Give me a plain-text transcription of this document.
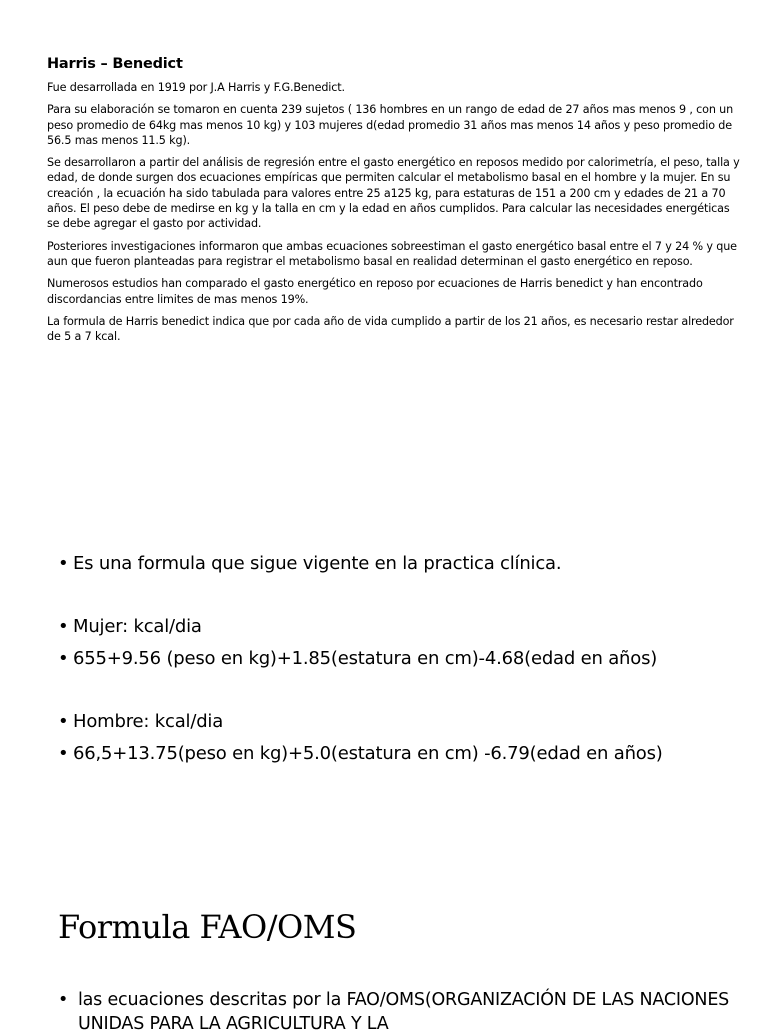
Harris – Benedict

Fue desarrollada en 1919 por J.A Harris y F.G.Benedict.

Para su elaboración se tomaron en cuenta 239 sujetos ( 136 hombres en un rango de edad de 27 años mas menos 9 , con un peso promedio de 64kg mas menos 10 kg) y 103 mujeres d(edad promedio 31 años mas menos 14 años y peso promedio de 56.5 mas menos 11.5 kg).

Se desarrollaron a partir del análisis de regresión entre el gasto energético en reposos medido por calorimetría, el peso, talla y edad, de donde surgen dos ecuaciones empíricas que permiten calcular el metabolismo basal en el hombre y la mujer. En su creación , la ecuación ha sido tabulada para valores entre 25 a125 kg, para estaturas de 151 a 200 cm y edades de 21 a 70 años. El peso debe de medirse en kg y la talla en cm y la edad en años cumplidos. Para calcular las necesidades energéticas se debe agregar el gasto por actividad.

Posteriores investigaciones informaron que ambas ecuaciones sobreestiman el gasto energético basal entre el 7 y 24 % y que aun que fueron planteadas para registrar el metabolismo basal en realidad determinan el gasto energético en reposo.

Numerosos estudios han comparado el gasto energético en reposo por ecuaciones de Harris benedict y han encontrado discordancias entre limites de mas menos 19%.

La formula de Harris benedict indica que por cada año de vida cumplido a partir de los 21 años, es necesario restar alrededor de 5 a 7 kcal.

• Es una formula que sigue vigente en la practica clínica.
• Mujer: kcal/dia
• 655+9.56 (peso en kg)+1.85(estatura en cm)-4.68(edad en años)
• Hombre: kcal/dia
• 66,5+13.75(peso en kg)+5.0(estatura en cm) -6.79(edad en años)
Formula FAO/OMS
• las ecuaciones descritas por la FAO/OMS(ORGANIZACIÓN DE LAS NACIONES UNIDAS PARA LA AGRICULTURA Y LA
